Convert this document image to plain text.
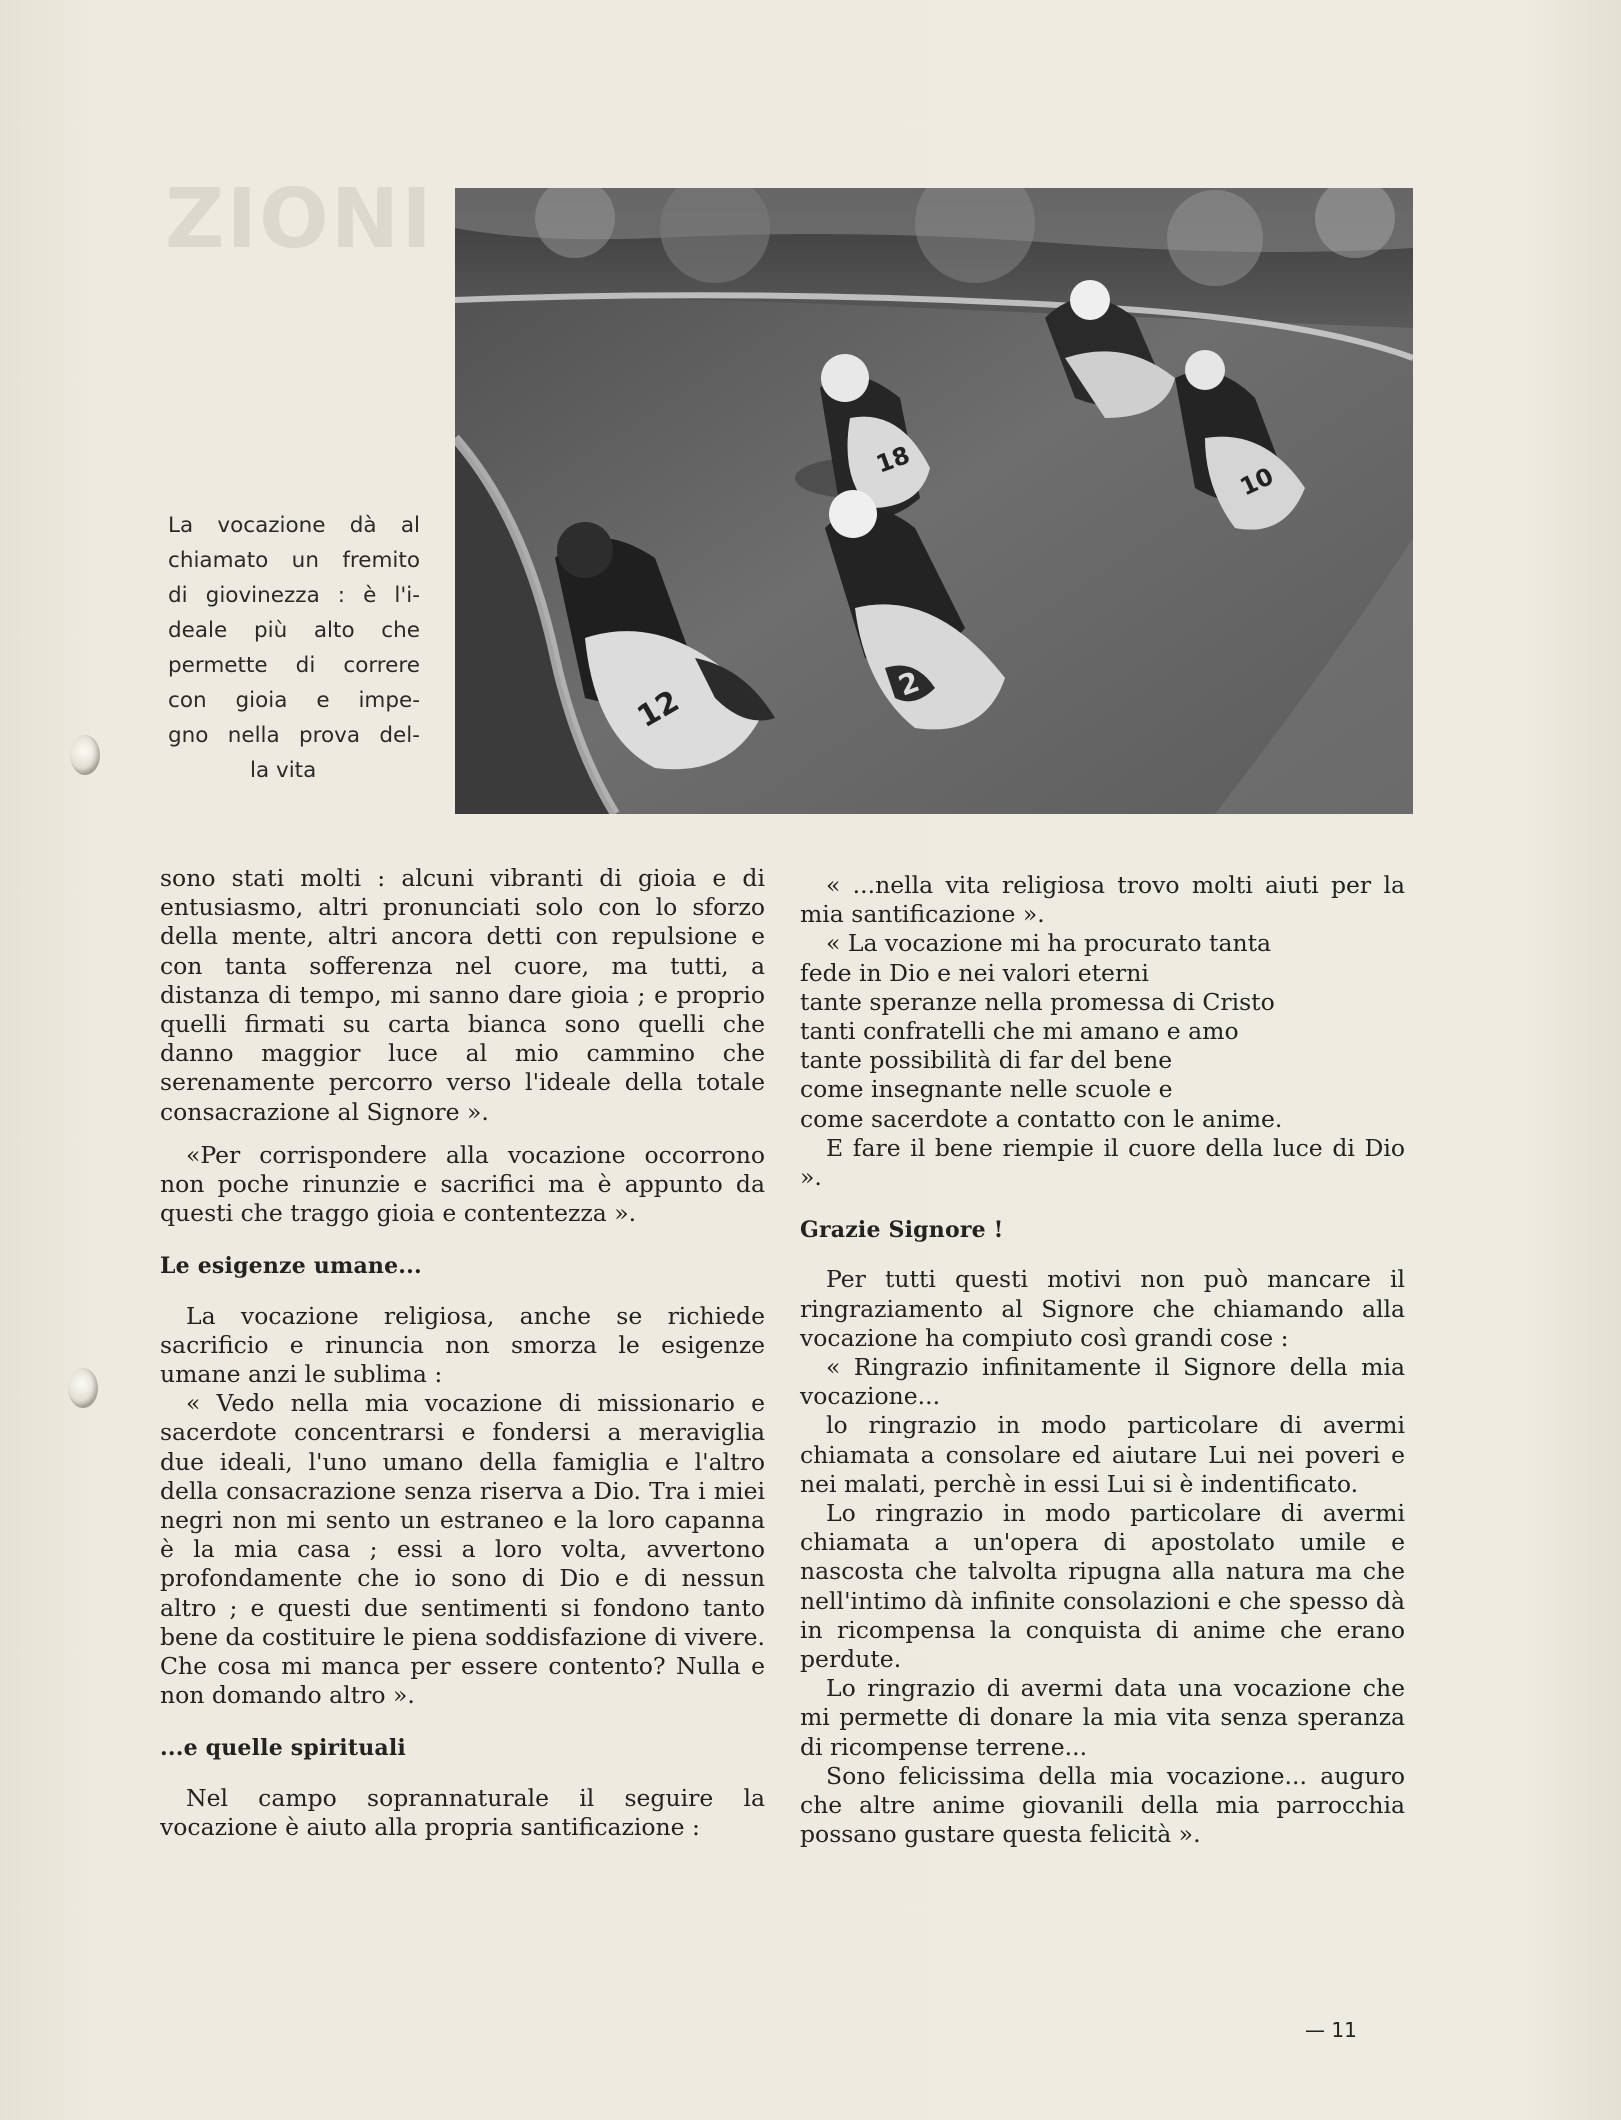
ZIONI
18
10
12
2
La vocazione dà al
chiamato un fremito
di giovinezza : è l'i-
deale più alto che
permette di correre
con gioia e impe-
gno nella prova del-
la vita

sono stati molti : alcuni vibranti di gioia e di entusiasmo, altri pronunciati solo con lo sforzo della mente, altri ancora detti con repulsione e con tanta sofferenza nel cuore, ma tutti, a distanza di tempo, mi sanno dare gioia ; e proprio quelli firmati su carta bianca sono quelli che danno maggior luce al mio cammino che serenamente percorro verso l'ideale della totale consacrazione al Signore ».

«Per corrispondere alla vocazione occorrono non poche rinunzie e sacrifici ma è appunto da questi che traggo gioia e contentezza ».

Le esigenze umane...

La vocazione religiosa, anche se richiede sacrificio e rinuncia non smorza le esigenze umane anzi le sublima :

« Vedo nella mia vocazione di missionario e sacerdote concentrarsi e fondersi a meraviglia due ideali, l'uno umano della famiglia e l'altro della consacrazione senza riserva a Dio. Tra i miei negri non mi sento un estraneo e la loro capanna è la mia casa ; essi a loro volta, avvertono profondamente che io sono di Dio e di nessun altro ; e questi due sentimenti si fondono tanto bene da costituire le piena soddisfazione di vivere. Che cosa mi manca per essere contento? Nulla e non domando altro ».

...e quelle spirituali

Nel campo soprannaturale il seguire la vocazione è aiuto alla propria santificazione :

« ...nella vita religiosa trovo molti aiuti per la mia santificazione ».

« La vocazione mi ha procurato tanta
fede in Dio e nei valori eterni
tante speranze nella promessa di Cristo
tanti confratelli che mi amano e amo
tante possibilità di far del bene
come insegnante nelle scuole e
come sacerdote a contatto con le anime.

E fare il bene riempie il cuore della luce di Dio ».

Grazie Signore !

Per tutti questi motivi non può mancare il ringraziamento al Signore che chiamando alla vocazione ha compiuto così grandi cose :

« Ringrazio infinitamente il Signore della mia vocazione...

lo ringrazio in modo particolare di avermi chiamata a consolare ed aiutare Lui nei poveri e nei malati, perchè in essi Lui si è indentificato.

Lo ringrazio in modo particolare di avermi chiamata a un'opera di apostolato umile e nascosta che talvolta ripugna alla natura ma che nell'intimo dà infinite consolazioni e che spesso dà in ricompensa la conquista di anime che erano perdute.

Lo ringrazio di avermi data una vocazione che mi permette di donare la mia vita senza speranza di ricompense terrene...

Sono felicissima della mia vocazione... auguro che altre anime giovanili della mia parrocchia possano gustare questa felicità ».

— 11
